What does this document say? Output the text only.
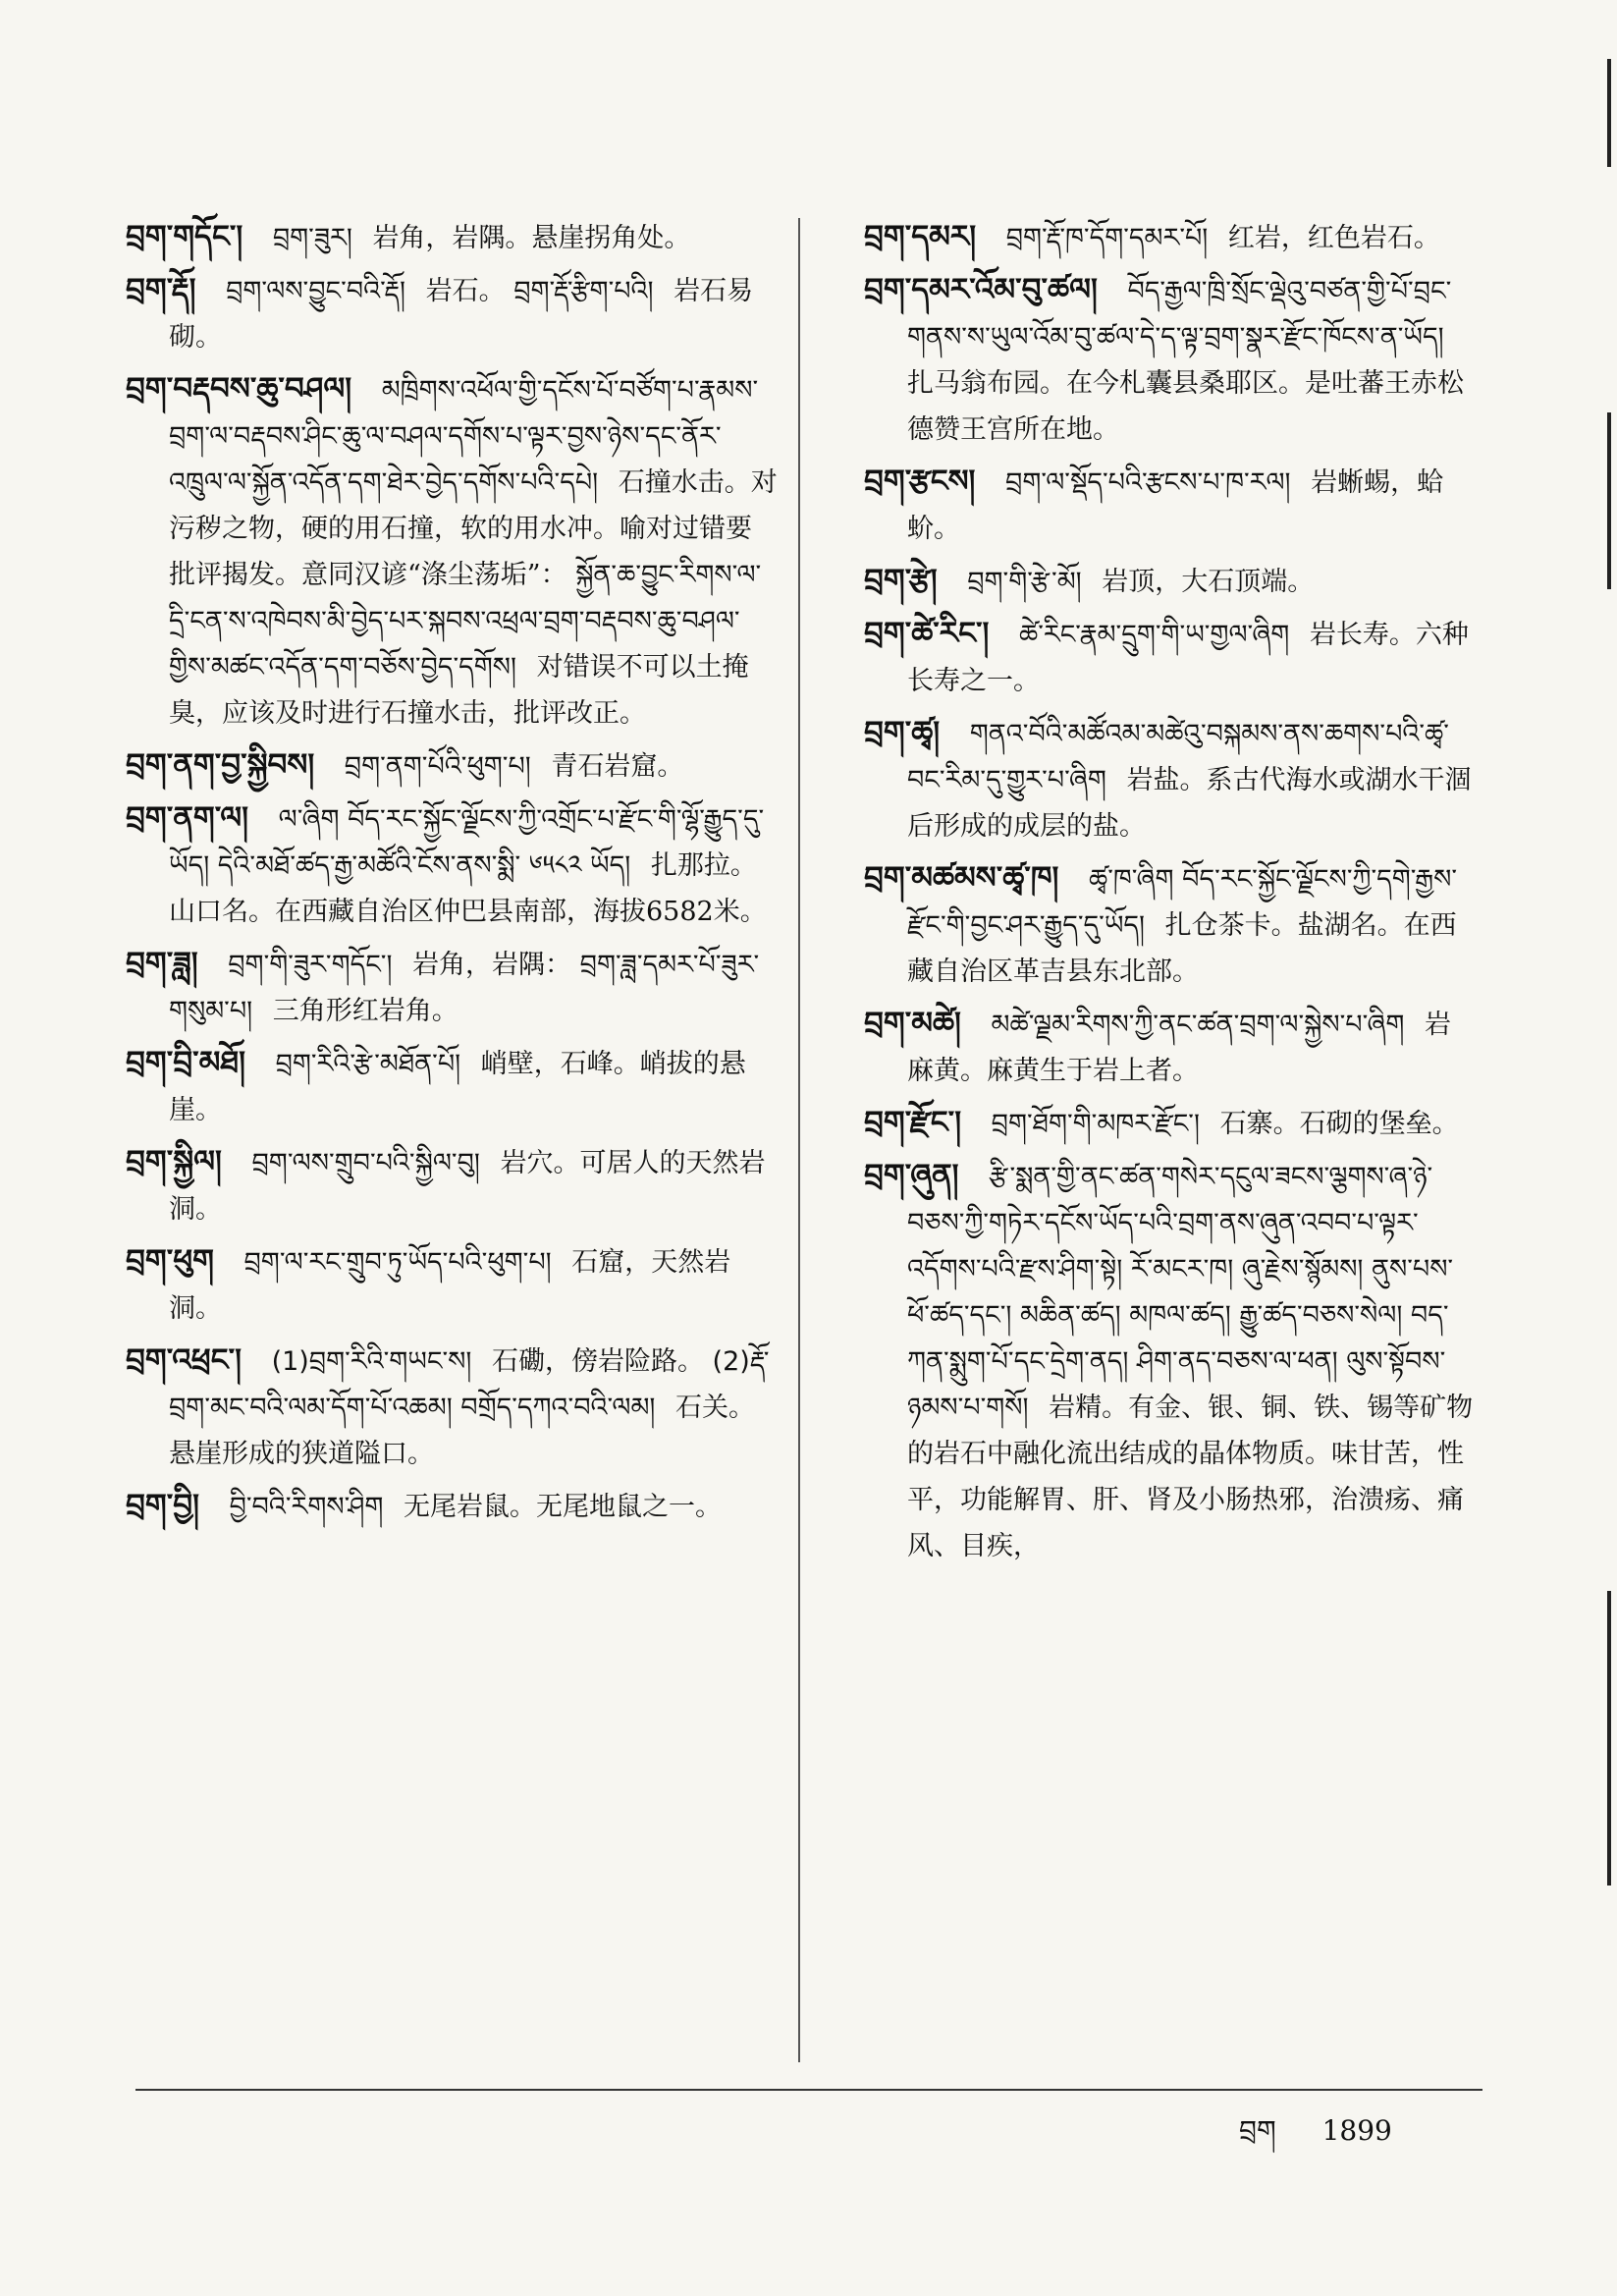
བྲག་གདོང་། བྲག་ཟུར། 岩角，岩隅。悬崖拐角处。
བྲག་རྡོ། བྲག་ལས་བྱུང་བའི་རྡོ། 岩石。 བྲག་རྡོ་རྩིག་པའི། 岩石易砌。
བྲག་བརྡབས་ཆུ་བཤལ། མཁྲིགས་འཕོལ་གྱི་དངོས་པོ་བཙོག་པ་རྣམས་བྲག་ལ་བརྡབས་ཤིང་ཆུ་ལ་བཤལ་དགོས་པ་ལྟར་བྱས་ཉེས་དང་ནོར་འཁྲུལ་ལ་སྐྱོན་འདོན་དག་ཐེར་བྱེད་དགོས་པའི་དཔེ། 石撞水击。对污秽之物，硬的用石撞，软的用水冲。喻对过错要批评揭发。意同汉谚“涤尘荡垢”： སྐྱོན་ཆ་བྱུང་རིགས་ལ་དྲི་ངན་ས་འཁེབས་མི་བྱེད་པར་སྐབས་འཕྲལ་བྲག་བརྡབས་ཆུ་བཤལ་གྱིས་མཚང་འདོན་དག་བཅོས་བྱེད་དགོས། 对错误不可以土掩臭，应该及时进行石撞水击，批评改正。
བྲག་ནག་བྱ་སྐྱིབས། བྲག་ནག་པོའི་ཕུག་པ། 青石岩窟。
བྲག་ནག་ལ། ལ་ཞིག བོད་རང་སྐྱོང་ལྗོངས་ཀྱི་འགྲོང་པ་རྫོང་གི་ལྷོ་རྒྱུད་དུ་ཡོད། དེའི་མཐོ་ཚད་རྒྱ་མཚོའི་ངོས་ནས་སྨི་ ༦༥༨༢ ཡོད། 扎那拉。山口名。在西藏自治区仲巴县南部，海拔6582米。
བྲག་ཟླ། བྲག་གི་ཟུར་གདོང་། 岩角，岩隅： བྲག་ཟླ་དམར་པོ་ཟུར་གསུམ་པ། 三角形红岩角。
བྲག་བྲི་མཐོ། བྲག་རིའི་རྩེ་མཐོན་པོ། 峭壁，石峰。峭拔的悬崖。
བྲག་སྐྱིལ། བྲག་ལས་གྲུབ་པའི་སྐྱིལ་བུ། 岩穴。可居人的天然岩洞。
བྲག་ཕུག བྲག་ལ་རང་གྲུབ་ཏུ་ཡོད་པའི་ཕུག་པ། 石窟，天然岩洞。
བྲག་འཕྲང་། (1)བྲག་རིའི་གཡང་ས། 石磡，傍岩险路。 (2)རྡོ་བྲག་མང་བའི་ལམ་དོག་པོ་འཆམ། བགྲོད་དཀའ་བའི་ལམ། 石关。悬崖形成的狭道隘口。
བྲག་བྱི། བྱི་བའི་རིགས་ཤིག 无尾岩鼠。无尾地鼠之一。
བྲག་དམར། བྲག་རྡོ་ཁ་དོག་དམར་པོ། 红岩，红色岩石。
བྲག་དམར་འོམ་བུ་ཚལ། བོད་རྒྱལ་ཁྲི་སྲོང་ལྡེའུ་བཙན་གྱི་པོ་བྲང་གནས་ས་ཡུལ་འོམ་བུ་ཚལ་དེ་ད་ལྟ་བྲག་སྣར་རྫོང་ཁོངས་ན་ཡོད། 扎马翁布园。在今札囊县桑耶区。是吐蕃王赤松德赞王宫所在地。
བྲག་རྩངས། བྲག་ལ་སྡོད་པའི་རྩངས་པ་ཁ་རལ། 岩蜥蜴，蛤蚧。
བྲག་རྩེ། བྲག་གི་རྩེ་མོ། 岩顶，大石顶端。
བྲག་ཚེ་རིང་། ཚེ་རིང་རྣམ་དྲུག་གི་ཡ་གྱལ་ཞིག 岩长寿。六种长寿之一。
བྲག་ཚྭ། གནའ་བོའི་མཚོའམ་མཚེའུ་བསྐམས་ནས་ཆགས་པའི་ཚྭ་བང་རིམ་དུ་གྱུར་པ་ཞིག 岩盐。系古代海水或湖水干涸后形成的成层的盐。
བྲག་མཚམས་ཚྭ་ཁ། ཚྭ་ཁ་ཞིག བོད་རང་སྐྱོང་ལྗོངས་ཀྱི་དགེ་རྒྱས་རྫོང་གི་བྱང་ཤར་རྒྱུད་དུ་ཡོད། 扎仓茶卡。盐湖名。在西藏自治区革吉县东北部。
བྲག་མཚེ། མཚེ་ལྗམ་རིགས་ཀྱི་ནང་ཚན་བྲག་ལ་སྐྱེས་པ་ཞིག 岩麻黄。麻黄生于岩上者。
བྲག་རྫོང་། བྲག་ཐོག་གི་མཁར་རྫོང་། 石寨。石砌的堡垒。
བྲག་ཞུན། རྩི་སྨན་གྱི་ནང་ཚན་གསེར་དངུལ་ཟངས་ལྕགས་ཞ་ཉེ་བཅས་ཀྱི་གཏེར་དངོས་ཡོད་པའི་བྲག་ནས་ཞུན་འབབ་པ་ལྟར་འདོགས་པའི་རྫས་ཤིག་སྟེ། རོ་མངར་ཁ། ཞུ་རྗེས་སྙོམས། ནུས་པས་ཕོ་ཚད་དང་། མཆིན་ཚད། མཁལ་ཚད། རྒྱུ་ཚད་བཅས་སེལ། བད་ཀན་སྨུག་པོ་དང་དྲེག་ནད། ཤིག་ནད་བཅས་ལ་ཕན། ལུས་སྟོབས་ཉམས་པ་གསོ། 岩精。有金、银、铜、铁、锡等矿物的岩石中融化流出结成的晶体物质。味甘苦，性平，功能解胃、肝、肾及小肠热邪，治溃疡、痛风、目疾，
བྲག 1899
